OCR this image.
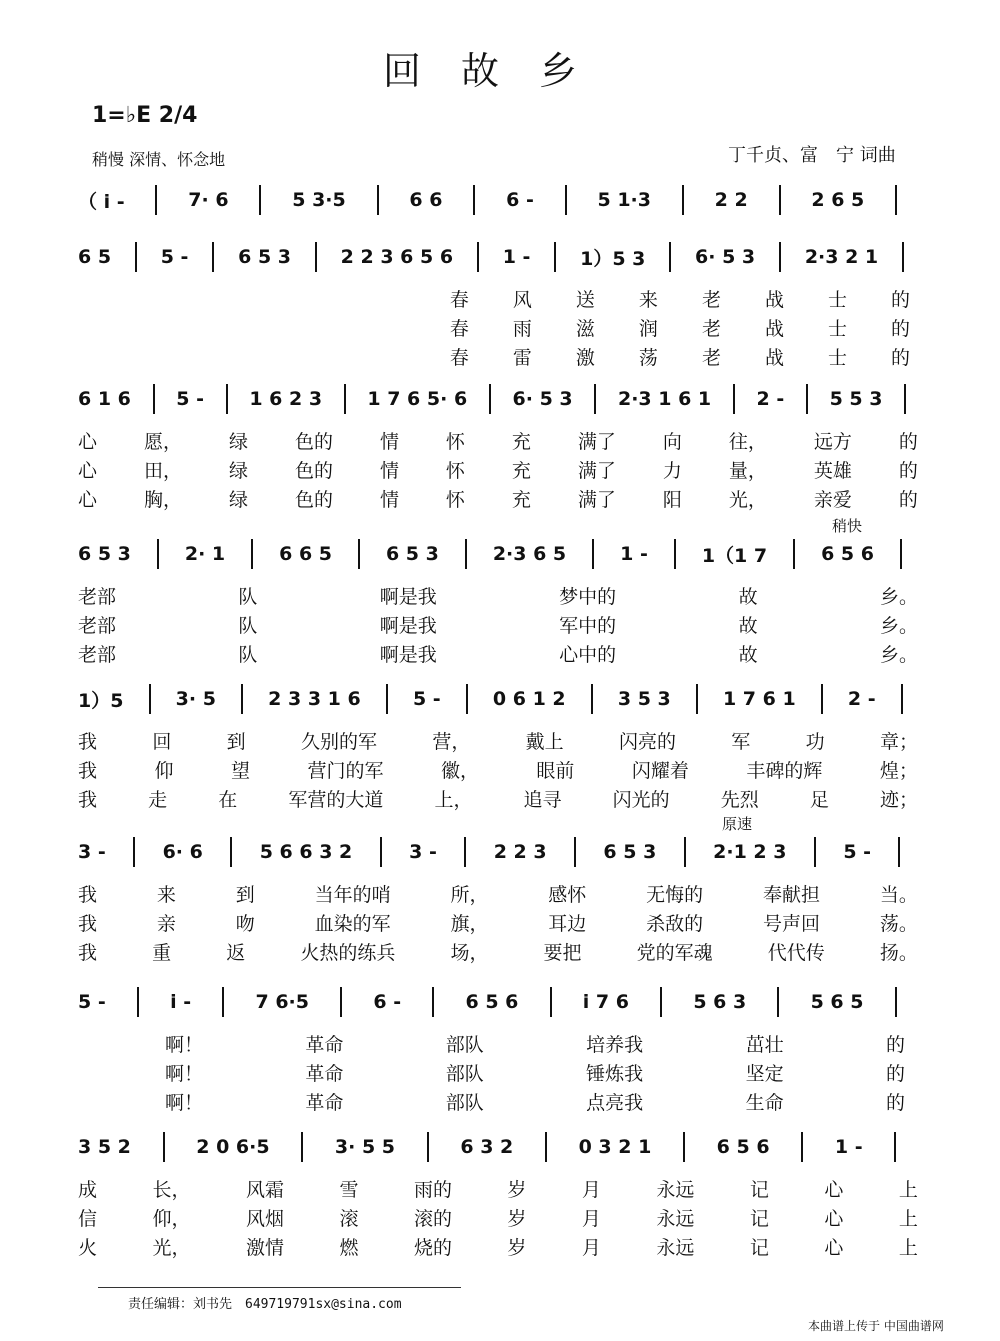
回故乡
1=♭E 2/4
稍慢 深情、怀念地	丁千贞、富　宁 词曲
（ i -	7· 6	5 3·5	6 6	6 -	5 1·3	2 2	2 6 5
6 5	5 -	6 5 3	2 2 3 6 5 6	1 -	1）5 3	6· 5 3	2·3 2 1
春 风 送 来 老 战 士 的
春 雨 滋 润 老 战 士 的
春 雷 激 荡 老 战 士 的
6 1 6 5 - 1 6 2 3 1 7 6 5· 6 6· 5 3 2·3 1 6 1 2 - 5 5 3
心 愿， 绿 色的 情 怀 充 满了 向 往， 远方 的
心 田， 绿 色的 情 怀 充 满了 力 量， 英雄 的
心 胸， 绿 色的 情 怀 充 满了 阳 光， 亲爱 的
6 5 3	2· 1	6 6 5	6 5 3	2·3 6 5	1 -	1（1 7	6 5 6
稍快
老部	队	啊是我	梦中的	故	乡。
老部	队	啊是我	军中的	故	乡。
老部	队	啊是我	心中的	故	乡。
1）5	3· 5	2 3 3 1 6	5 -	0 6 1 2	3 5 3	1 7 6 1	2 -
我	回	到	久别的军	营，	戴上	闪亮的	军	功	章；
我	仰	望	营门的军	徽，	眼前	闪耀着	丰碑的辉	煌；
我	走	在	军营的大道	上，	追寻	闪光的	先烈	足	迹；
3 -	6· 6	5 6 6 3 2	3 -	2 2 3	6 5 3	2·1 2 3	5 -
原速
我	来	到	当年的哨	所，	感怀	无悔的	奉献担	当。
我	亲	吻	血染的军	旗，	耳边	杀敌的	号声回	荡。
我	重	返	火热的练兵	场，	要把	党的军魂	代代传	扬。
5 -	i -	7 6·5	6 -	6 5 6	i 7 6	5 6 3	5 6 5
啊！	革命	部队	培养我	茁壮	的
啊！	革命	部队	锤炼我	坚定	的
啊！	革命	部队	点亮我	生命	的
3 5 2	2 0 6·5	3· 5 5	6 3 2	0 3 2 1	6 5 6	1 -
成	长，	风霜	雪	雨的	岁	月	永远	记	心	上
信	仰，	风烟	滚	滚的	岁	月	永远	记	心	上
火	光，	激情	燃	烧的	岁	月	永远	记	心	上
责任编辑：刘书先　649719791sx@sina.com
本曲谱上传于 中国曲谱网
